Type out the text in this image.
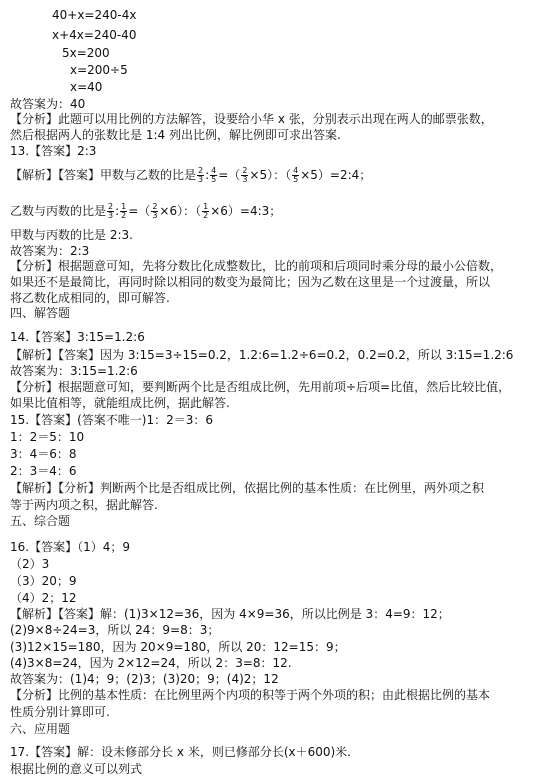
40+x=240-4x
x+4x=240-40
5x=200
x=200÷5
x=40
故答案为：40
【分析】此题可以用比例的方法解答，设要给小华 x 张，分别表示出现在两人的邮票张数，
然后根据两人的张数比是 1:4 列出比例，解比例即可求出答案.
13.【答案】2:3
【解析】【答案】甲数与乙数的比是 $\frac{2}{3}$ : $\frac{4}{5}$ =（ $\frac{2}{3} \times 5$）：（ $\frac{4}{5}$ ×5）=2:4；
乙数与丙数的比是 $\frac{2}{3}$ : $\frac{1}{2}$ =（ $\frac{2}{3} \times 6$）：（ $\frac{1}{2}$ ×6）=4:3；
甲数与丙数的比是 2:3.
故答案为：2:3
【分析】根据题意可知，先将分数比化成整数比，比的前项和后项同时乘分母的最小公倍数，
如果还不是最简比，再同时除以相同的数变为最简比；因为乙数在这里是一个过渡量，所以
将乙数化成相同的，即可解答.
四、解答题
14.【答案】3:15=1.2:6
【解析】【答案】因为 3:15=3÷15=0.2，1.2:6=1.2÷6=0.2，0.2=0.2，所以 3:15=1.2:6
故答案为：3:15=1.2:6
【分析】根据题意可知，要判断两个比是否组成比例，先用前项÷后项=比值，然后比较比值，
如果比值相等，就能组成比例，据此解答.
15.【答案】(答案不唯一)1：2＝3：6
1：2＝5：10
3：4＝6：8
2：3＝4：6
【解析】【分析】判断两个比是否组成比例，依据比例的基本性质：在比例里，两外项之积
等于两内项之积，据此解答.
五、综合题
16.【答案】（1）4；9
（2）3
（3）20；9
（4）2；12
【解析】【答案】解：(1)3×12=36，因为 4×9=36，所以比例是 3：4=9：12；
(2)9×8÷24=3，所以 24：9=8：3；
(3)12×15=180，因为 20×9=180，所以 20：12=15：9；
(4)3×8=24，因为 2×12=24，所以 2：3=8：12.
故答案为：(1)4；9；(2)3；(3)20；9；(4)2；12
【分析】比例的基本性质：在比例里两个内项的积等于两个外项的积；由此根据比例的基本
性质分别计算即可.
六、应用题
17.【答案】解：设未修部分长 x 米，则已修部分长(x＋600)米.
根据比例的意义可以列式
